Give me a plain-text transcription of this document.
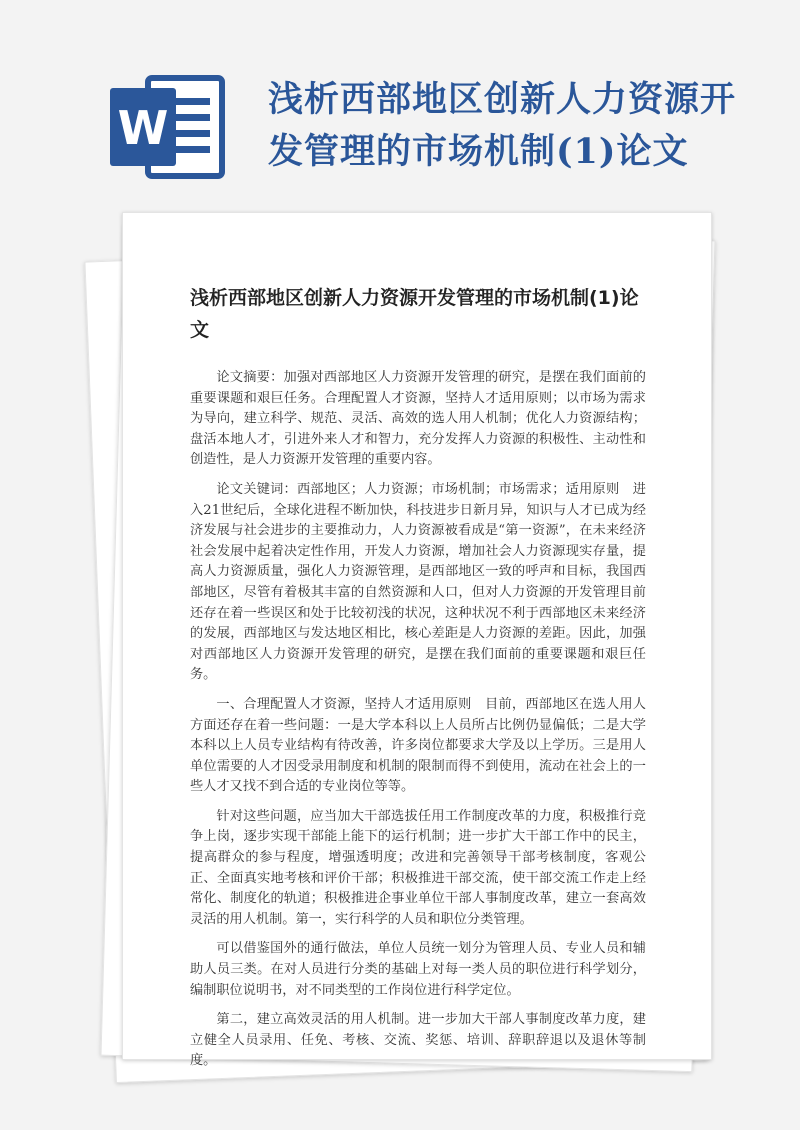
W
浅析西部地区创新人力资源开发管理的市场机制(1)论文
浅析西部地区创新人力资源开发管理的市场机制(1)论文

论文摘要：加强对西部地区人力资源开发管理的研究，是摆在我们面前的重要课题和艰巨任务。合理配置人才资源，坚持人才适用原则；以市场为需求为导向，建立科学、规范、灵活、高效的选人用人机制；优化人力资源结构；盘活本地人才，引进外来人才和智力，充分发挥人力资源的积极性、主动性和创造性，是人力资源开发管理的重要内容。

论文关键词：西部地区；人力资源；市场机制；市场需求；适用原则　进入21世纪后，全球化进程不断加快，科技进步日新月异，知识与人才已成为经济发展与社会进步的主要推动力，人力资源被看成是“第一资源”，在未来经济社会发展中起着决定性作用，开发人力资源，增加社会人力资源现实存量，提高人力资源质量，强化人力资源管理，是西部地区一致的呼声和目标，我国西部地区，尽管有着极其丰富的自然资源和人口，但对人力资源的开发管理目前还存在着一些误区和处于比较初浅的状况，这种状况不利于西部地区未来经济的发展，西部地区与发达地区相比，核心差距是人力资源的差距。因此，加强对西部地区人力资源开发管理的研究，是摆在我们面前的重要课题和艰巨任务。

一、合理配置人才资源，坚持人才适用原则　目前，西部地区在选人用人方面还存在着一些问题：一是大学本科以上人员所占比例仍显偏低；二是大学本科以上人员专业结构有待改善，许多岗位都要求大学及以上学历。三是用人单位需要的人才因受录用制度和机制的限制而得不到使用，流动在社会上的一些人才又找不到合适的专业岗位等等。

针对这些问题，应当加大干部选拔任用工作制度改革的力度，积极推行竞争上岗，逐步实现干部能上能下的运行机制；进一步扩大干部工作中的民主，提高群众的参与程度，增强透明度；改进和完善领导干部考核制度，客观公正、全面真实地考核和评价干部；积极推进干部交流，使干部交流工作走上经常化、制度化的轨道；积极推进企事业单位干部人事制度改革，建立一套高效灵活的用人机制。第一，实行科学的人员和职位分类管理。

可以借鉴国外的通行做法，单位人员统一划分为管理人员、专业人员和辅助人员三类。在对人员进行分类的基础上对每一类人员的职位进行科学划分，编制职位说明书，对不同类型的工作岗位进行科学定位。

第二，建立高效灵活的用人机制。进一步加大干部人事制度改革力度，建立健全人员录用、任免、考核、交流、奖惩、培训、辞职辞退以及退休等制度。
